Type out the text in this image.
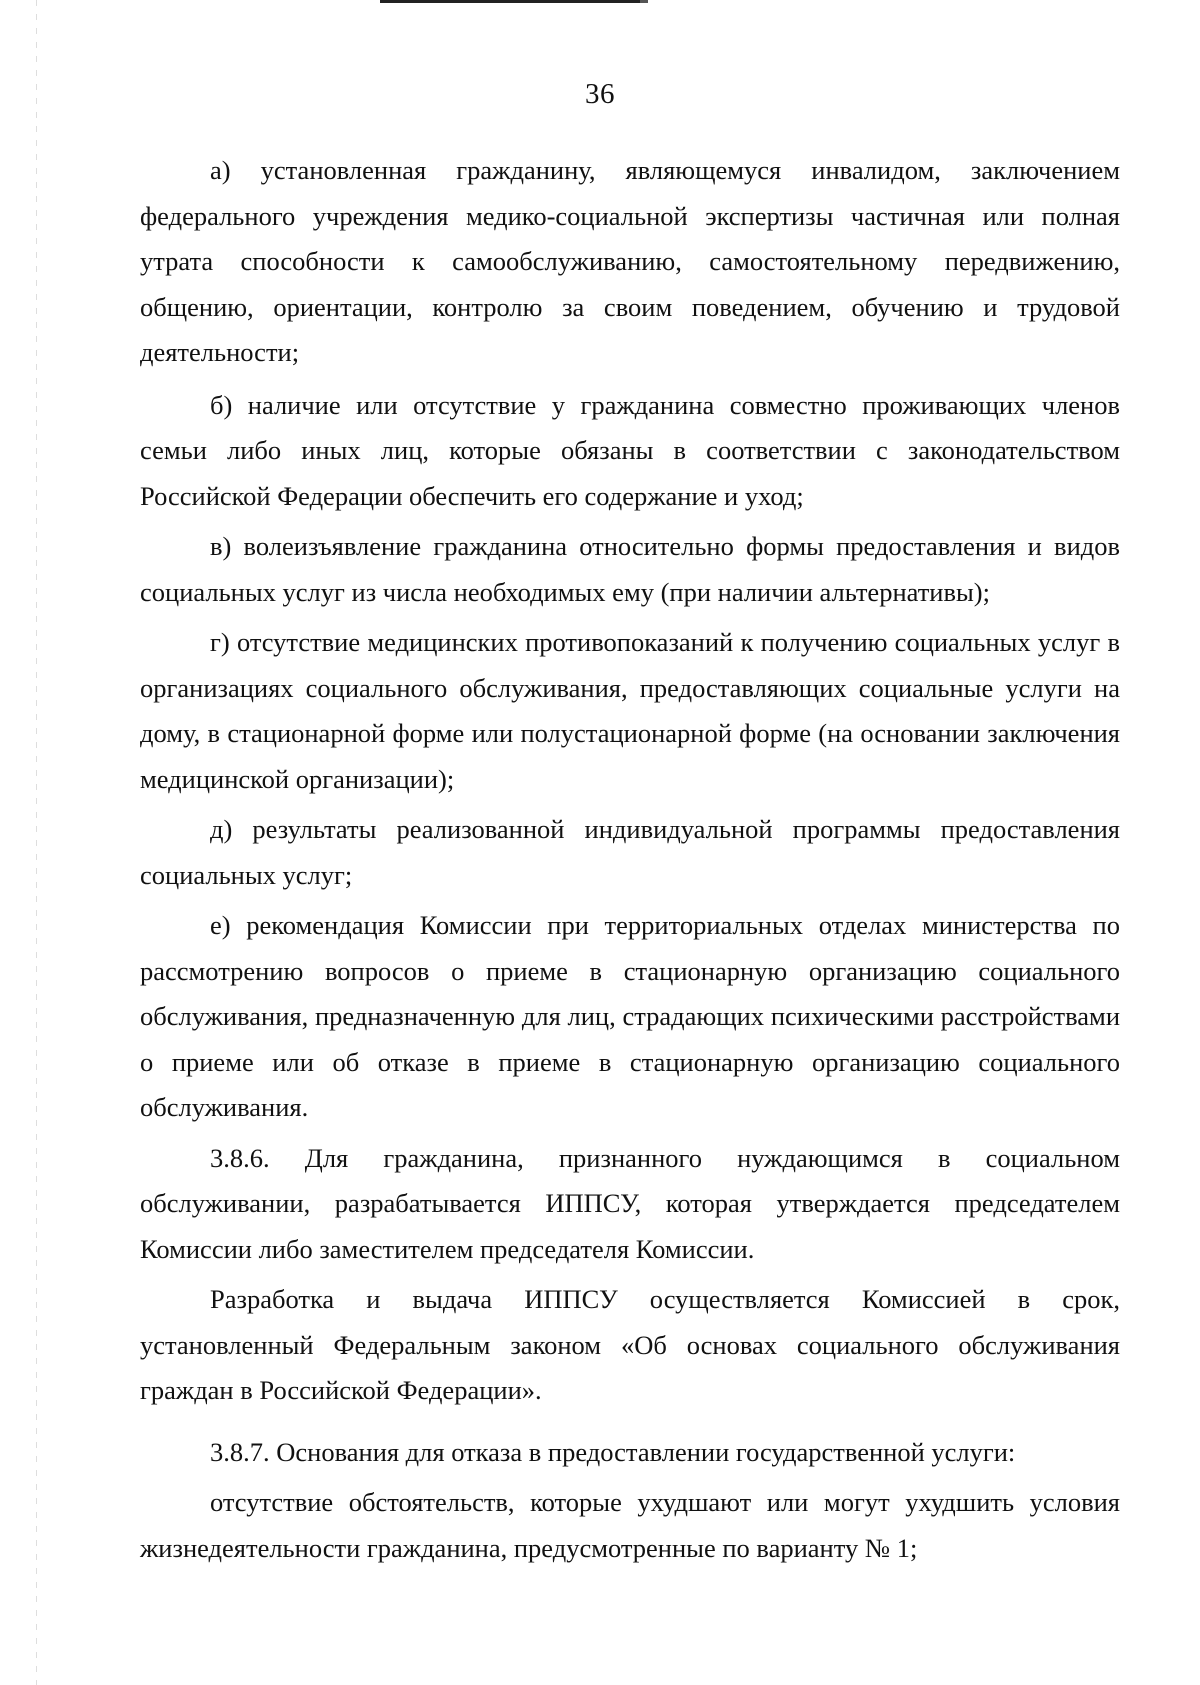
36

а) установленная гражданину, являющемуся инвалидом, заключением федерального учреждения медико-социальной экспертизы частичная или полная утрата способности к самообслуживанию, самостоятельному передвижению, общению, ориентации, контролю за своим поведением, обучению и трудовой деятельности;

б) наличие или отсутствие у гражданина совместно проживающих членов семьи либо иных лиц, которые обязаны в соответствии с законодательством Российской Федерации обеспечить его содержание и уход;

в) волеизъявление гражданина относительно формы предоставления и видов социальных услуг из числа необходимых ему (при наличии альтернативы);

г) отсутствие медицинских противопоказаний к получению социальных услуг в организациях социального обслуживания, предоставляющих социальные услуги на дому, в стационарной форме или полустационарной форме (на основании заключения медицинской организации);

д) результаты реализованной индивидуальной программы предоставления социальных услуг;

е) рекомендация Комиссии при территориальных отделах министерства по рассмотрению вопросов о приеме в стационарную организацию социального обслуживания, предназначенную для лиц, страдающих психическими расстройствами о приеме или об отказе в приеме в стационарную организацию социального обслуживания.

3.8.6. Для гражданина, признанного нуждающимся в социальном обслуживании, разрабатывается ИППСУ, которая утверждается председателем Комиссии либо заместителем председателя Комиссии.

Разработка и выдача ИППСУ осуществляется Комиссией в срок, установленный Федеральным законом «Об основах социального обслуживания граждан в Российской Федерации».

3.8.7. Основания для отказа в предоставлении государственной услуги:

отсутствие обстоятельств, которые ухудшают или могут ухудшить условия жизнедеятельности гражданина, предусмотренные по варианту № 1;
